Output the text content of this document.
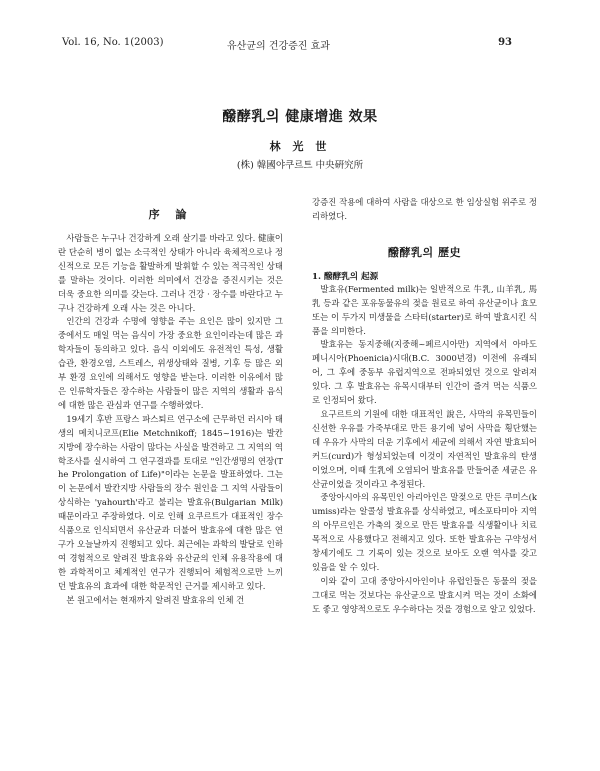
Vol. 16, No. 1(2003)	유산균의 건강증진 효과	93
醱酵乳의 健康增進 效果
林 光 世
(株) 韓國야쿠르트 中央硏究所
序 論

사람들은 누구나 건강하게 오래 살기를 바라고 있다. 健康이란 단순히 병이 없는 소극적인 상태가 아니라 육체적으로나 정신적으로 모든 기능을 활발하게 발휘할 수 있는 적극적인 상태를 말하는 것이다. 이러한 의미에서 건강을 증진시키는 것은 더욱 중요한 의미를 갖는다. 그러나 건강 · 장수를 바란다고 누구나 건강하게 오래 사는 것은 아니다.

인간의 건강과 수명에 영향을 주는 요인은 많이 있지만 그 중에서도 매일 먹는 음식이 가장 중요한 요인이라는데 많은 과학자들이 동의하고 있다. 음식 이외에도 유전적인 특성, 생활습관, 환경오염, 스트레스, 위생상태와 질병, 기후 등 많은 외부 환경 요인에 의해서도 영향을 받는다. 이러한 이유에서 많은 인류학자들은 장수하는 사람들이 많은 지역의 생활과 음식에 대한 많은 관심과 연구를 수행하였다.

19세기 후반 프랑스 파스퇴르 연구소에 근무하던 러시아 태생의 메치니코프(Elie Metchnikoff; 1845~1916)는 발칸 지방에 장수하는 사람이 많다는 사실을 발견하고 그 지역의 역학조사를 실시하여 그 연구결과를 토대로 "인간생명의 연장(The Prolongation of Life)"이라는 논문을 발표하였다. 그는 이 논문에서 발칸지방 사람들의 장수 원인을 그 지역 사람들이 상식하는 'yahourth'라고 불리는 발효유(Bulgarian Milk) 때문이라고 주장하였다. 이로 인해 요쿠르트가 대표적인 장수식품으로 인식되면서 유산균과 더불어 발효유에 대한 많은 연구가 오늘날까지 진행되고 있다. 최근에는 과학의 발달로 인하여 경험적으로 알려진 발효유와 유산균의 인체 유용작용에 대한 과학적이고 체계적인 연구가 진행되어 체험적으로만 느끼던 발효유의 효과에 대한 학문적인 근거를 제시하고 있다.

본 원고에서는 현재까지 알려진 발효유의 인체 건

강증진 작용에 대하여 사람을 대상으로 한 임상실험 위주로 정리하였다.

醱酵乳의 歷史
1. 醱酵乳의 起源

발효유(Fermented milk)는 일반적으로 牛乳, 山羊乳, 馬乳 등과 같은 포유동물유의 젖을 원료로 하여 유산균이나 효모 또는 이 두가지 미생물을 스타터(starter)로 하여 발효시킨 식품을 의미한다.

발효유는 동지중해(지중해~페르시아만) 지역에서 아마도 페니시아(Phoenicia)시대(B.C. 3000년경) 이전에 유래되어, 그 후에 중동부 유럽지역으로 전파되었던 것으로 알려져 있다. 그 후 발효유는 유목시대부터 인간이 즐겨 먹는 식품으로 인정되어 왔다.

요구르트의 기원에 대한 대표적인 說은, 사막의 유목민들이 신선한 우유를 가죽부대로 만든 용기에 넣어 사막을 횡단했는데 우유가 사막의 더운 기후에서 세균에 의해서 자연 발효되어 커드(curd)가 형성되었는데 이것이 자연적인 발효유의 탄생이었으며, 이때 生乳에 오염되어 발효유를 만들어준 세균은 유산균이었을 것이라고 추정된다.

중앙아시아의 유목민인 아리아인은 말젖으로 만든 쿠미스(kumiss)라는 알콜성 발효유를 상식하였고, 메소포타미아 지역의 아무르인은 가축의 젖으로 만든 발효유를 식생활이나 치료 목적으로 사용했다고 전해지고 있다. 또한 발효유는 구약성서 창세기에도 그 기록이 있는 것으로 보아도 오랜 역사를 갖고 있음을 알 수 있다.

이와 같이 고대 중앙아시아인이나 유럽인들은 동물의 젖을 그대로 먹는 것보다는 유산균으로 발효시켜 먹는 것이 소화에도 좋고 영양적으로도 우수하다는 것을 경험으로 알고 있었다.
